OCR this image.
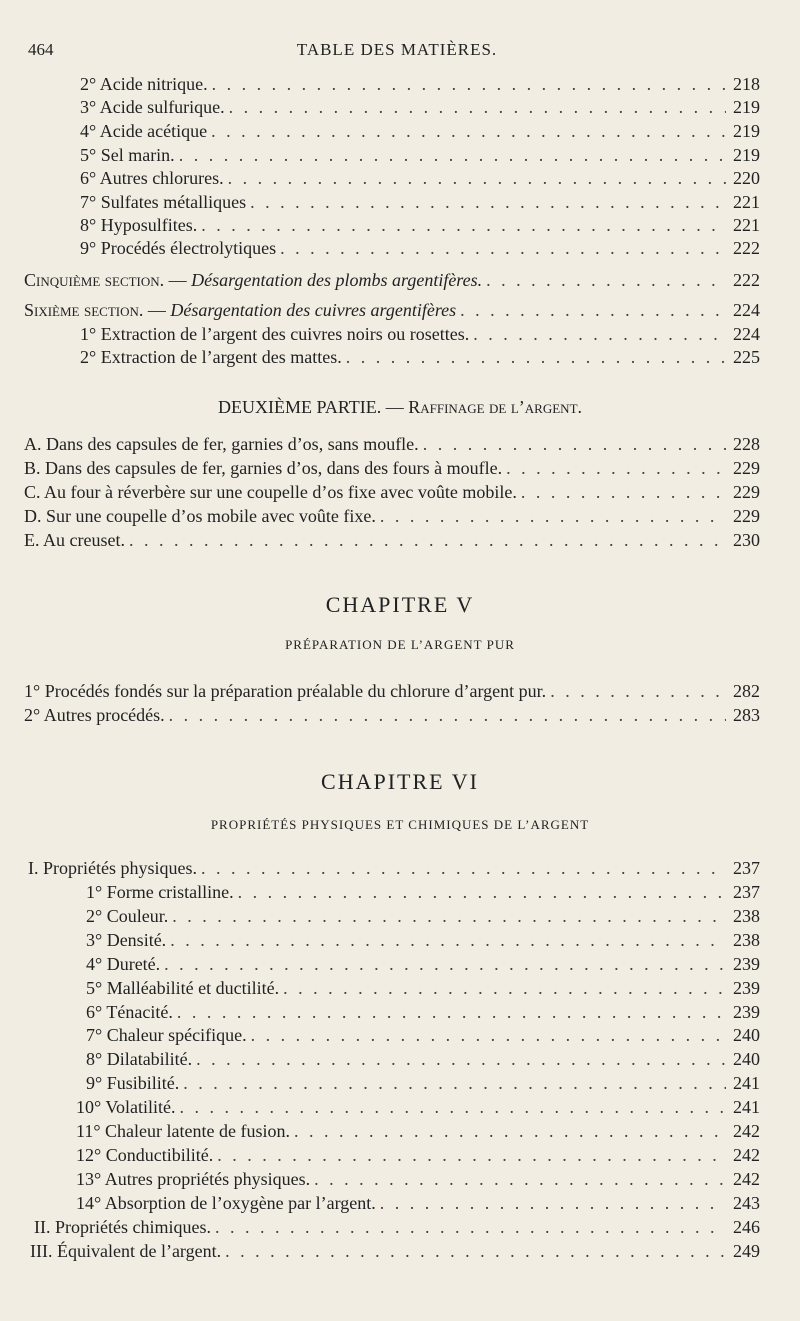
464	TABLE DES MATIÈRES.
2° Acide nitrique. . . .	218
3° Acide sulfurique. . . .	219
4° Acide acétique . . .	219
5° Sel marin. . . .	219
6° Autres chlorures. . . .	220
7° Sulfates métalliques . . .	221
8° Hyposulfites. . . .	221
9° Procédés électrolytiques . . .	222
Cinquième section. — Désargentation des plombs argentifères. . . .	222
Sixième section. — Désargentation des cuivres argentifères . . .	224
1° Extraction de l’argent des cuivres noirs ou rosettes. . . .	224
2° Extraction de l’argent des mattes. . . .	225
DEUXIÈME PARTIE. — Raffinage de l’argent.
A. Dans des capsules de fer, garnies d’os, sans moufle. . . .	228
B. Dans des capsules de fer, garnies d’os, dans des fours à moufle. . . .	229
C. Au four à réverbère sur une coupelle d’os fixe avec voûte mobile. . . .	229
D. Sur une coupelle d’os mobile avec voûte fixe. . . .	229
E. Au creuset. . . .	230
CHAPITRE V
PRÉPARATION DE L’ARGENT PUR
1° Procédés fondés sur la préparation préalable du chlorure d’argent pur. . . .	282
2° Autres procédés. . . .	283
CHAPITRE VI
PROPRIÉTÉS PHYSIQUES ET CHIMIQUES DE L’ARGENT
I. Propriétés physiques. . . .	237
1° Forme cristalline. . . .	237
2° Couleur. . . .	238
3° Densité. . . .	238
4° Dureté. . . .	239
5° Malléabilité et ductilité. . . .	239
6° Ténacité. . . .	239
7° Chaleur spécifique. . . .	240
8° Dilatabilité. . . .	240
9° Fusibilité. . . .	241
10° Volatilité. . . .	241
11° Chaleur latente de fusion. . . .	242
12° Conductibilité. . . .	242
13° Autres propriétés physiques. . . .	242
14° Absorption de l’oxygène par l’argent. . . .	243
II. Propriétés chimiques. . . .	246
III. Équivalent de l’argent. . . .	249
